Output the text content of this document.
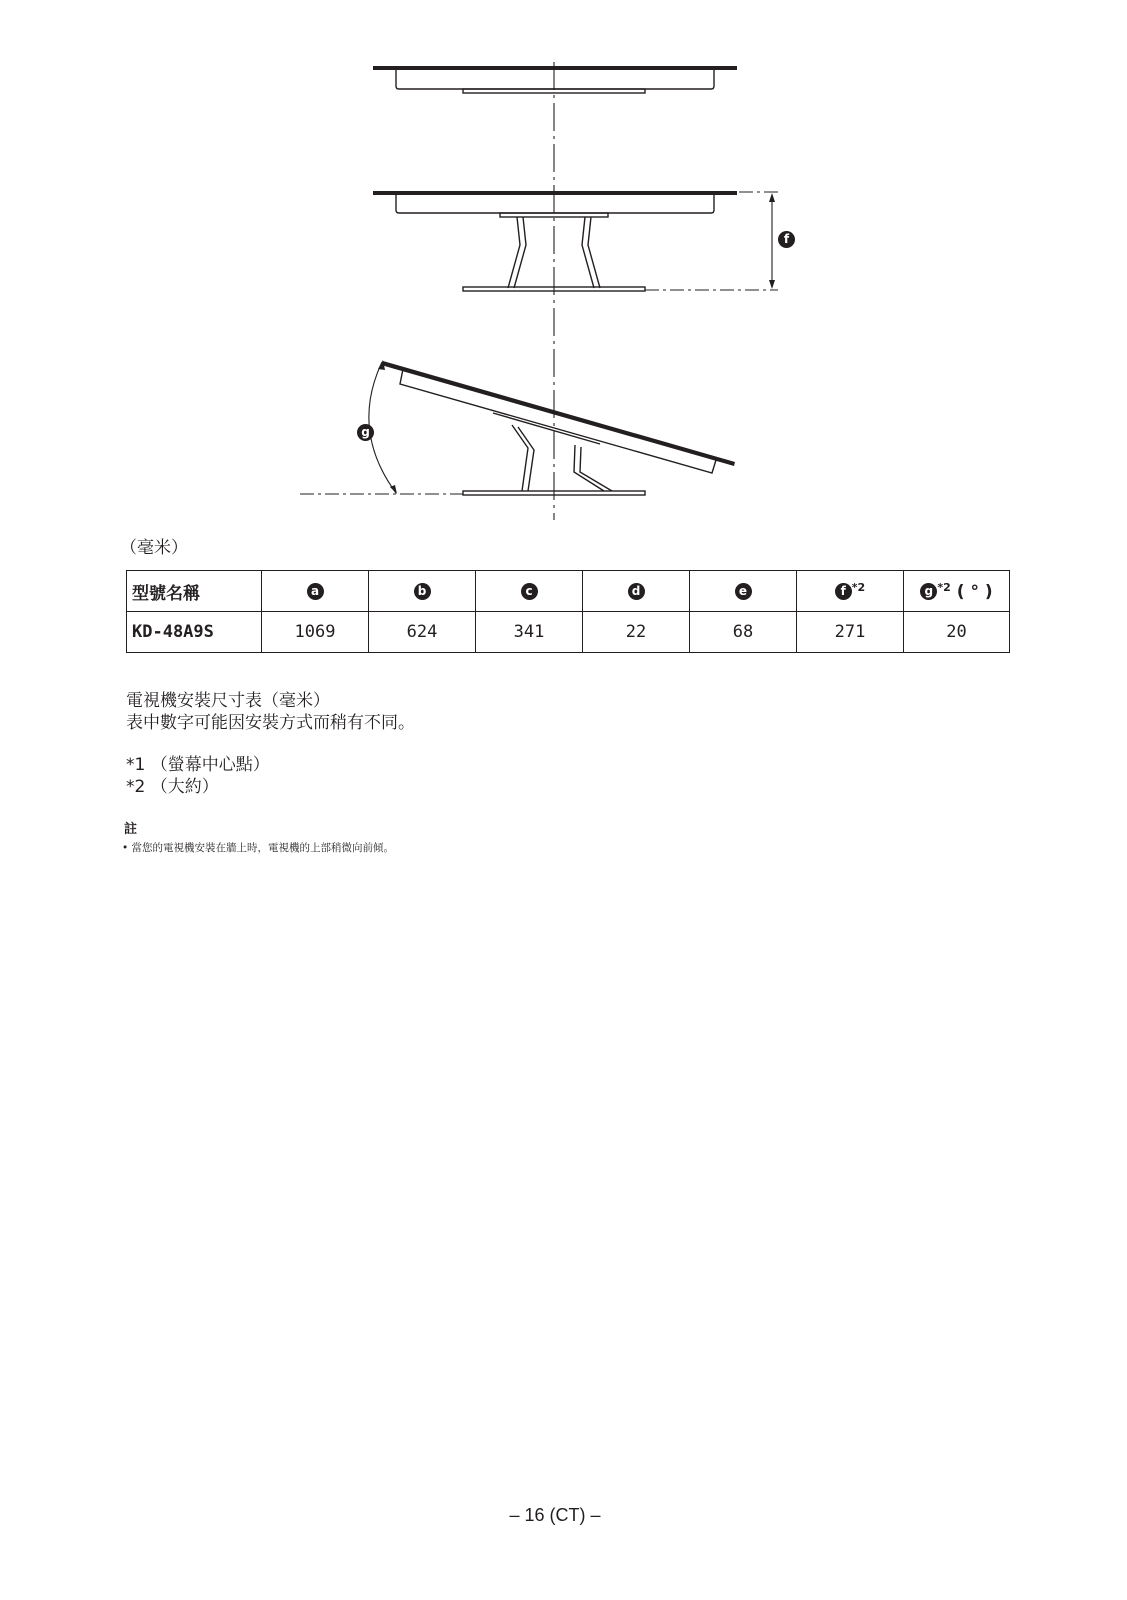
f
g
（毫米）
型號名稱	a	b	c	d	e	f $^{*2}$	g $^{*2}$ ( ° )
KD-48A9S	1069	624	341	22	68	271	20
電視機安裝尺寸表（毫米）
表中數字可能因安裝方式而稍有不同。
*1 （螢幕中心點）
*2 （大約）
註
• 當您的電視機安裝在牆上時，電視機的上部稍微向前傾。
– 16 (CT) –
